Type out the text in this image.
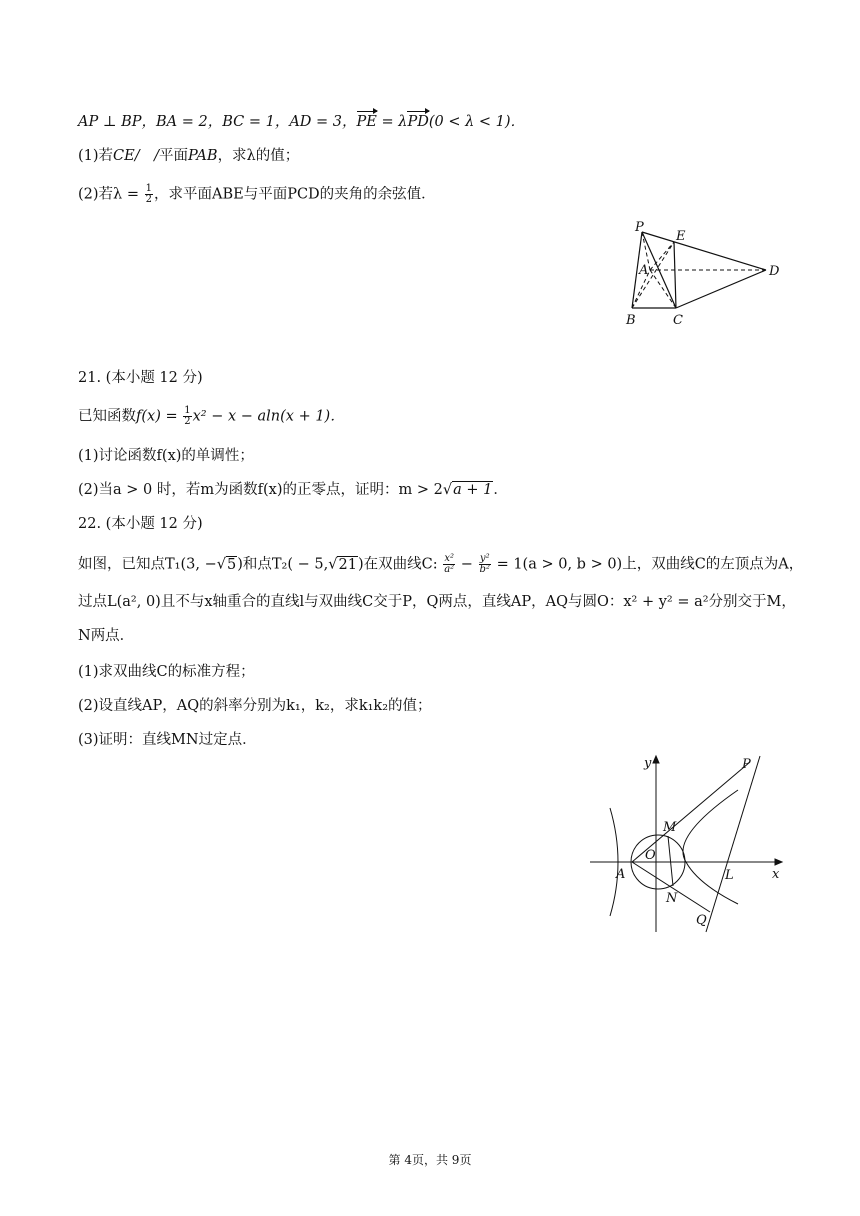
AP ⊥ BP，BA = 2，BC = 1，AD = 3，PE = λPD(0 < λ < 1)．
(1)若CE/　/平面PAB，求λ的值；
(2)若$\lambda = \frac{1}{2}$ ，求平面ABE与平面PCD的夹角的余弦值．
P
E
A	D
B	C
21. (本小题 12 分)
已知函数$f(x) = \frac{1}{2} x^2 - x - aln(x + 1)$．
(1)讨论函数f(x)的单调性；
(2)当a > 0 时，若m为函数f(x)的正零点，证明：m > 2√a + 1．
22. (本小题 12 分)
如图，已知点T₁(3, −√5)和点T₂( − 5,√21)在双曲线C: $\frac{\text{x²}}{\text{a²}} - \frac{\text{y²}}{\text{b²}} = 1(a > 0$, b > 0)上，双曲线C的左顶点为A，
过点L(a², 0)且不与x轴重合的直线l与双曲线C交于P，Q两点，直线AP，AQ与圆O：x² + y² = a²分别交于M，
N两点．
(1)求双曲线C的标准方程；
(2)设直线AP，AQ的斜率分别为k₁，k₂，求k₁k₂的值；
(3)证明：直线MN过定点．
y	P
M
O
A	L	x
N
Q
第 4页，共 9页
